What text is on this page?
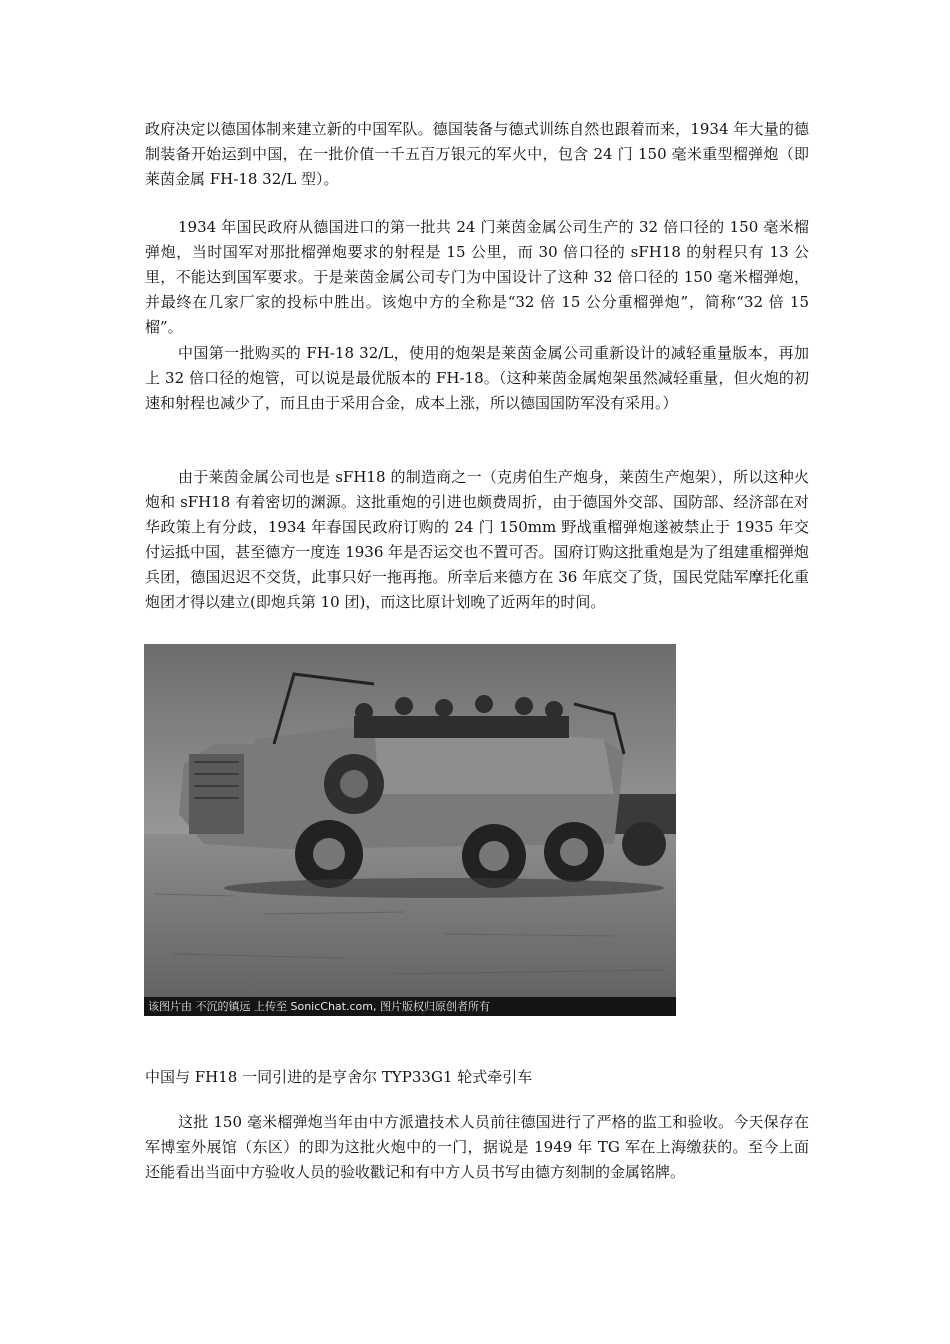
政府决定以德国体制来建立新的中国军队。德国装备与德式训练自然也跟着而来，1934 年大量的德制装备开始运到中国，在一批价值一千五百万银元的军火中，包含 24 门 150 毫米重型榴弹炮（即莱茵金属 FH-18 32/L 型）。

1934 年国民政府从德国进口的第一批共 24 门莱茵金属公司生产的 32 倍口径的 150 毫米榴弹炮，当时国军对那批榴弹炮要求的射程是 15 公里，而 30 倍口径的 sFH18 的射程只有 13 公里，不能达到国军要求。于是莱茵金属公司专门为中国设计了这种 32 倍口径的 150 毫米榴弹炮，并最终在几家厂家的投标中胜出。该炮中方的全称是“32 倍 15 公分重榴弹炮”，简称“32 倍 15 榴”。

中国第一批购买的 FH-18 32/L，使用的炮架是莱茵金属公司重新设计的减轻重量版本，再加上 32 倍口径的炮管，可以说是最优版本的 FH-18。（这种莱茵金属炮架虽然减轻重量，但火炮的初速和射程也减少了，而且由于采用合金，成本上涨，所以德国国防军没有采用。）

由于莱茵金属公司也是 sFH18 的制造商之一（克虏伯生产炮身，莱茵生产炮架），所以这种火炮和 sFH18 有着密切的渊源。这批重炮的引进也颇费周折，由于德国外交部、国防部、经济部在对华政策上有分歧，1934 年春国民政府订购的 24 门 150mm 野战重榴弹炮遂被禁止于 1935 年交付运抵中国，甚至德方一度连 1936 年是否运交也不置可否。国府订购这批重炮是为了组建重榴弹炮兵团，德国迟迟不交货，此事只好一拖再拖。所幸后来德方在 36 年底交了货，国民党陆军摩托化重炮团才得以建立(即炮兵第 10 团)，而这比原计划晚了近两年的时间。

该图片由 不沉的镇远 上传至 SonicChat.com, 图片版权归原创者所有

中国与 FH18 一同引进的是亨舍尔 TYP33G1 轮式牵引车

这批 150 毫米榴弹炮当年由中方派遣技术人员前往德国进行了严格的监工和验收。今天保存在军博室外展馆（东区）的即为这批火炮中的一门，据说是 1949 年 TG 军在上海缴获的。至今上面还能看出当面中方验收人员的验收戳记和有中方人员书写由德方刻制的金属铭牌。
